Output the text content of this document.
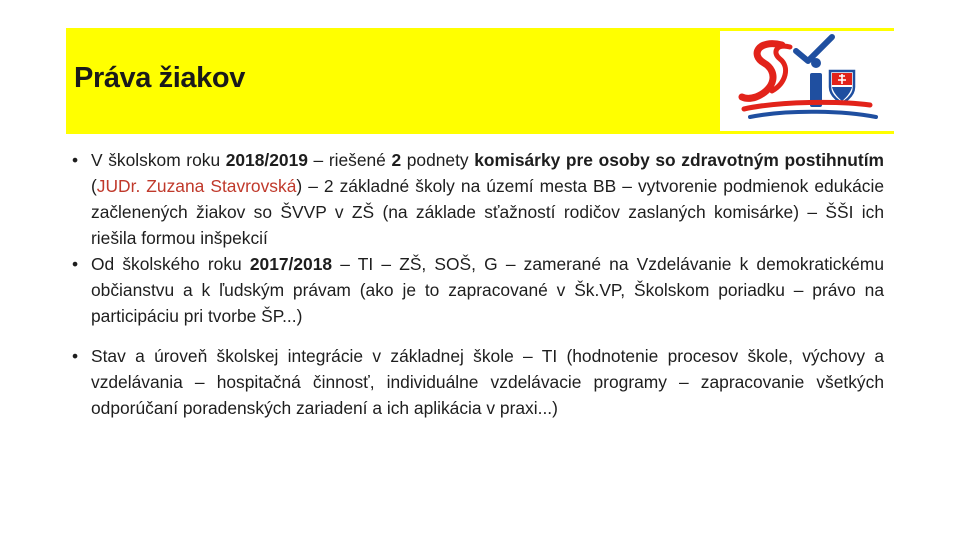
Práva žiakov

• V školskom roku 2018/2019 – riešené 2 podnety komisárky pre osoby so zdravotným postihnutím (JUDr. Zuzana Stavrovská) – 2 základné školy na území mesta BB – vytvorenie podmienok edukácie začlenených žiakov so ŠVVP v ZŠ (na základe sťažností rodičov zaslaných komisárke) – ŠŠI ich riešila formou inšpekcií

• Od školského roku 2017/2018 – TI – ZŠ, SOŠ, G – zamerané na Vzdelávanie k demokratickému občianstvu a k ľudským právam (ako je to zapracované v Šk.VP, Školskom poriadku – právo na participáciu pri tvorbe ŠP...)

• Stav a úroveň školskej integrácie v základnej škole – TI (hodnotenie procesov škole, výchovy a vzdelávania – hospitačná činnosť, individuálne vzdelávacie programy – zapracovanie všetkých odporúčaní poradenských zariadení a ich aplikácia v praxi...)
